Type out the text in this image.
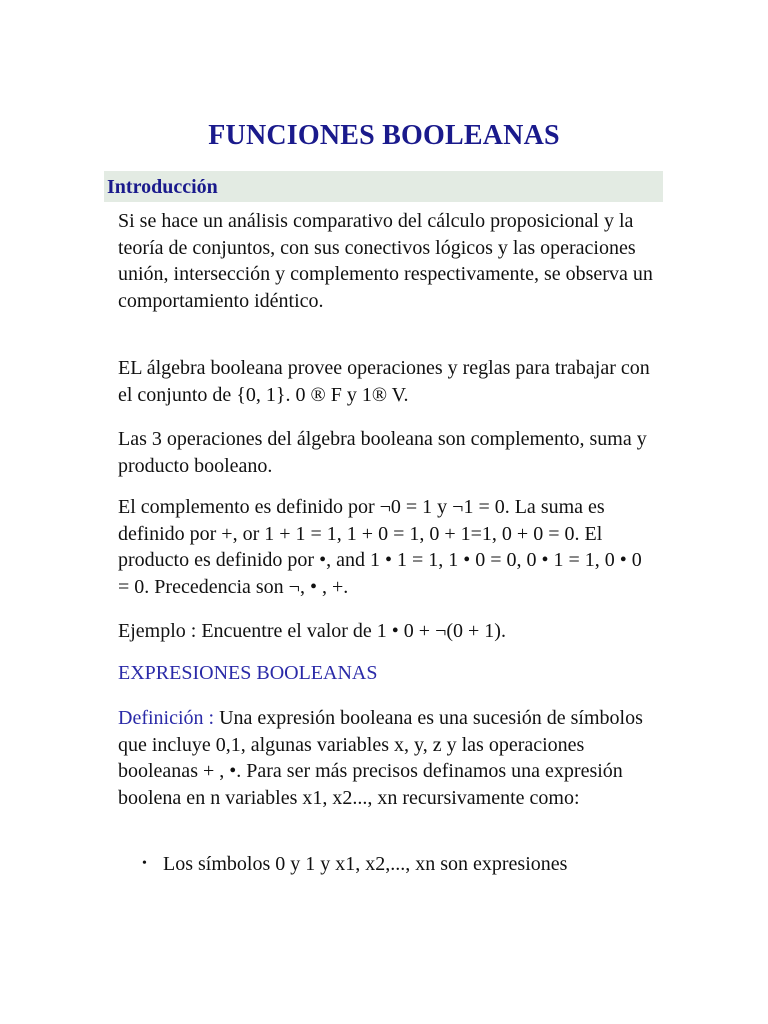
FUNCIONES BOOLEANAS
Introducción

Si se hace un análisis comparativo del cálculo proposicional y la teoría de conjuntos, con sus conectivos lógicos y las operaciones unión, intersección y complemento respectivamente, se observa un comportamiento idéntico.

EL álgebra booleana provee operaciones y reglas para trabajar con el conjunto de {0, 1}. 0 ® F y 1® V.

Las 3 operaciones del álgebra booleana son complemento, suma y producto booleano.

El complemento es definido por ¬0 = 1 y ¬1 = 0. La suma es definido por +, or 1 + 1 = 1, 1 + 0 = 1, 0 + 1=1, 0 + 0 = 0. El producto es definido por •, and 1 • 1 = 1, 1 • 0 = 0, 0 • 1 = 1, 0 • 0 = 0. Precedencia son ¬, • , +.

Ejemplo : Encuentre el valor de 1 • 0 + ¬(0 + 1).

EXPRESIONES BOOLEANAS

Definición : Una expresión booleana es una sucesión de símbolos que incluye 0,1, algunas variables x, y, z y las operaciones booleanas + , •. Para ser más precisos definamos una expresión boolena en n variables x1, x2..., xn recursivamente como:

• Los símbolos 0 y 1 y x1, x2,..., xn son expresiones
